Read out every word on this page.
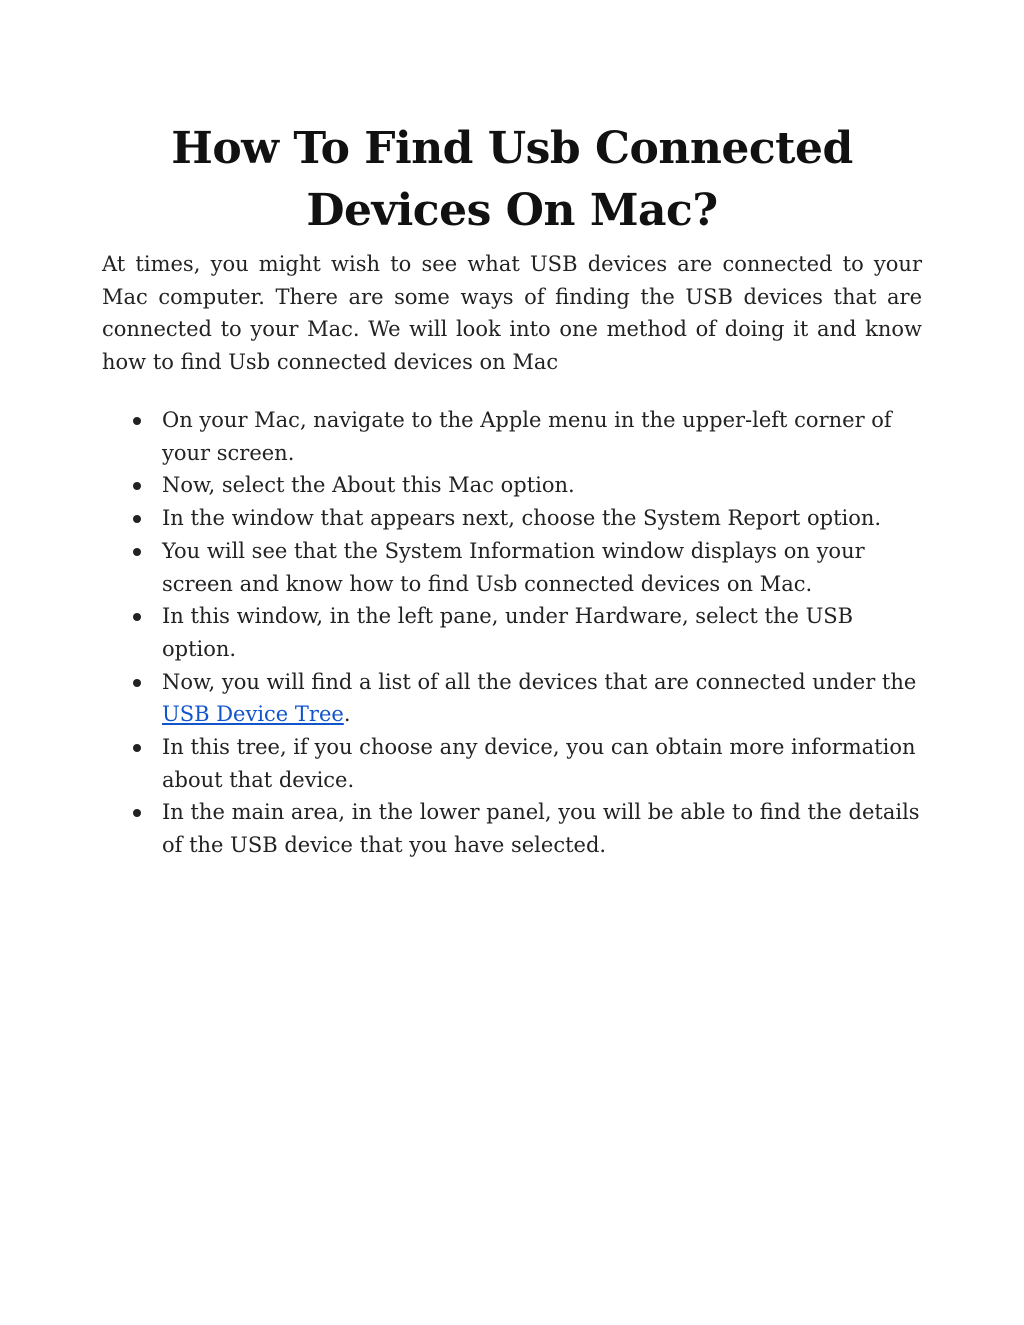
How To Find Usb Connected Devices On Mac?

At times, you might wish to see what USB devices are connected to your Mac computer. There are some ways of finding the USB devices that are connected to your Mac. We will look into one method of doing it and know how to find Usb connected devices on Mac

On your Mac, navigate to the Apple menu in the upper-left corner of your screen.
Now, select the About this Mac option.
In the window that appears next, choose the System Report option.
You will see that the System Information window displays on your screen and know how to find Usb connected devices on Mac.
In this window, in the left pane, under Hardware, select the USB option.
Now, you will find a list of all the devices that are connected under the USB Device Tree.
In this tree, if you choose any device, you can obtain more information about that device.
In the main area, in the lower panel, you will be able to find the details of the USB device that you have selected.
